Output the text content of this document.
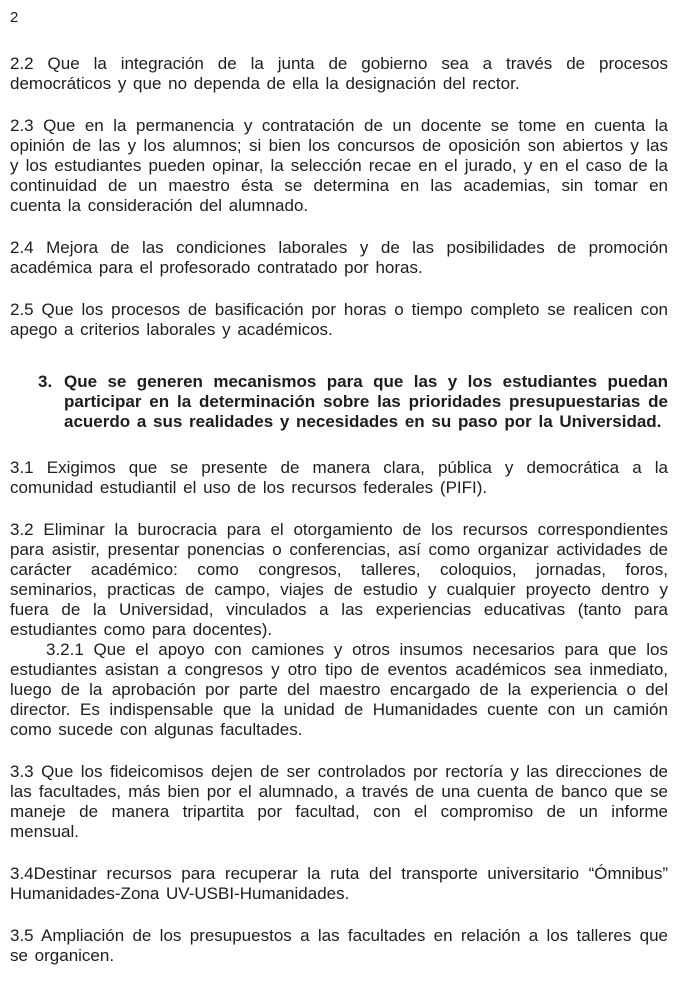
2

2.2 Que la integración de la junta de gobierno sea a través de procesos democráticos y que no dependa de ella la designación del rector.

2.3 Que en la permanencia y contratación de un docente se tome en cuenta la opinión de las y los alumnos; si bien los concursos de oposición son abiertos y las y los estudiantes pueden opinar, la selección recae en el jurado, y en el caso de la continuidad de un maestro ésta se determina en las academias, sin tomar en cuenta la consideración del alumnado.

2.4 Mejora de las condiciones laborales y de las posibilidades de promoción académica para el profesorado contratado por horas.

2.5 Que los procesos de basificación por horas o tiempo completo se realicen con apego a criterios laborales y académicos.

3. Que se generen mecanismos para que las y los estudiantes puedan participar en la determinación sobre las prioridades presupuestarias de acuerdo a sus realidades y necesidades en su paso por la Universidad.

3.1 Exigimos que se presente de manera clara, pública y democrática a la comunidad estudiantil el uso de los recursos federales (PIFI).

3.2 Eliminar la burocracia para el otorgamiento de los recursos correspondientes para asistir, presentar ponencias o conferencias, así como organizar actividades de carácter académico: como congresos, talleres, coloquios, jornadas, foros, seminarios, practicas de campo, viajes de estudio y cualquier proyecto dentro y fuera de la Universidad, vinculados a las experiencias educativas (tanto para estudiantes como para docentes).

3.2.1 Que el apoyo con camiones y otros insumos necesarios para que los estudiantes asistan a congresos y otro tipo de eventos académicos sea inmediato, luego de la aprobación por parte del maestro encargado de la experiencia o del director. Es indispensable que la unidad de Humanidades cuente con un camión como sucede con algunas facultades.

3.3 Que los fideicomisos dejen de ser controlados por rectoría y las direcciones de las facultades, más bien por el alumnado, a través de una cuenta de banco que se maneje de manera tripartita por facultad, con el compromiso de un informe mensual.

3.4Destinar recursos para recuperar la ruta del transporte universitario “Ómnibus” Humanidades-Zona UV-USBI-Humanidades.

3.5 Ampliación de los presupuestos a las facultades en relación a los talleres que se organicen.
